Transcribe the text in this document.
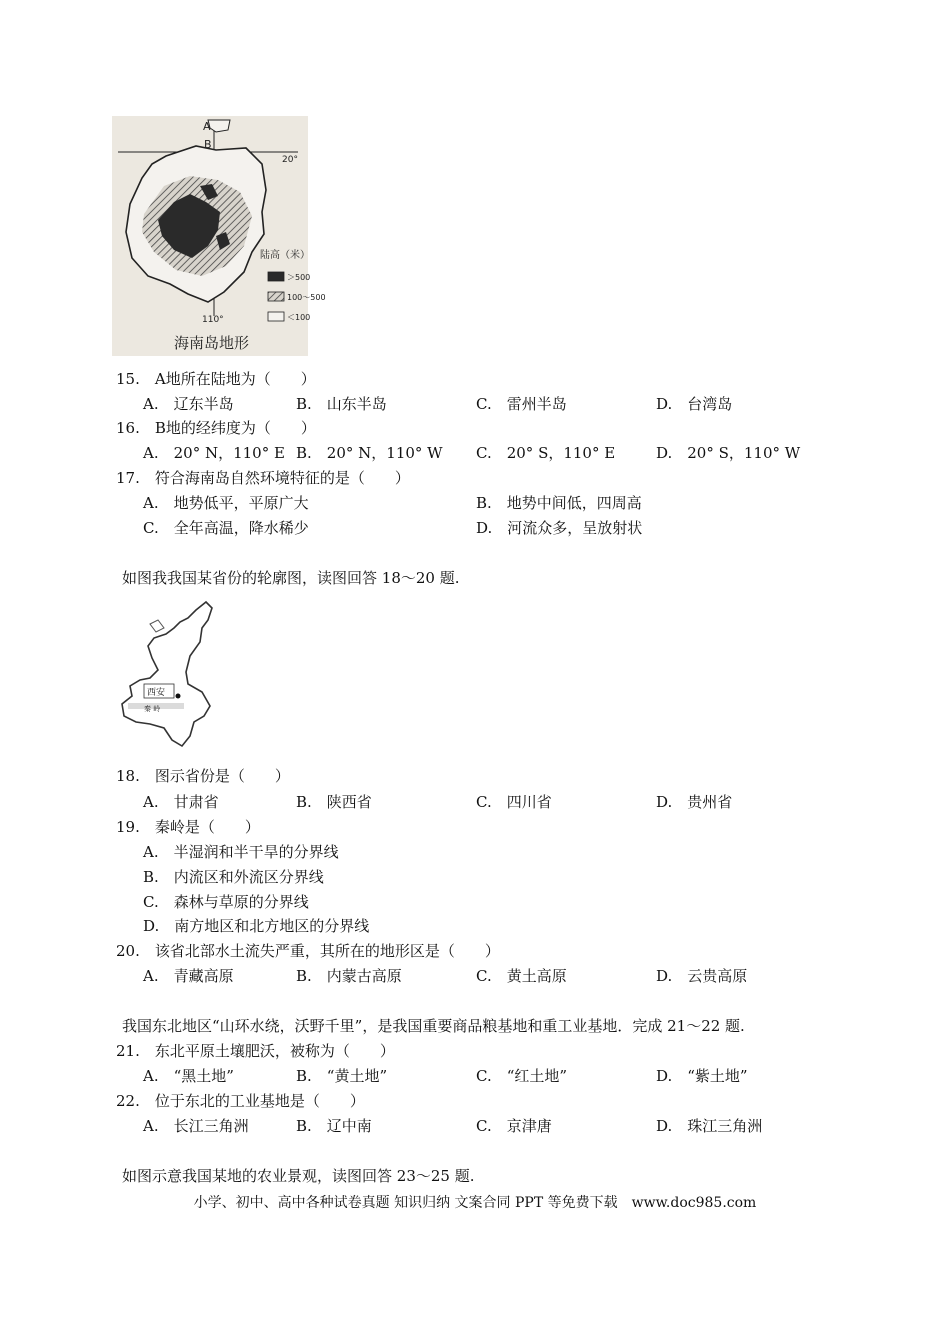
A
B
20°
110°
陆高（米）
＞500
100～500
＜100
海南岛地形
15.　A地所在陆地为（　　）
A.　辽东半岛	B.　山东半岛	C.　雷州半岛	D.　台湾岛
16.　B地的经纬度为（　　）
A.　20° N，110° E B.　20° N，110° W C.　20° S，110° E	D.　20° S，110° W
17.　符合海南岛自然环境特征的是（　　）
A.　地势低平，平原广大	B.　地势中间低，四周高
C.　全年高温，降水稀少	D.　河流众多，呈放射状
如图我我国某省份的轮廓图，读图回答 18～20 题.
西安
秦 岭
18.　图示省份是（　　）
A.　甘肃省	B.　陕西省	C.　四川省	D.　贵州省
19.　秦岭是（　　）
A.　半湿润和半干旱的分界线
B.　内流区和外流区分界线
C.　森林与草原的分界线
D.　南方地区和北方地区的分界线
20.　该省北部水土流失严重，其所在的地形区是（　　）
A.　青藏高原	B.　内蒙古高原	C.　黄土高原	D.　云贵高原
我国东北地区“山环水绕，沃野千里”，是我国重要商品粮基地和重工业基地．完成 21～22 题.
21.　东北平原土壤肥沃，被称为（　　）
A.　“黑土地”	B.　“黄土地”	C.　“红土地”	D.　“紫土地”
22.　位于东北的工业基地是（　　）
A.　长江三角洲	B.　辽中南	C.　京津唐	D.　珠江三角洲
如图示意我国某地的农业景观，读图回答 23～25 题.
小学、初中、高中各种试卷真题 知识归纳 文案合同 PPT 等免费下载　www.doc985.com
